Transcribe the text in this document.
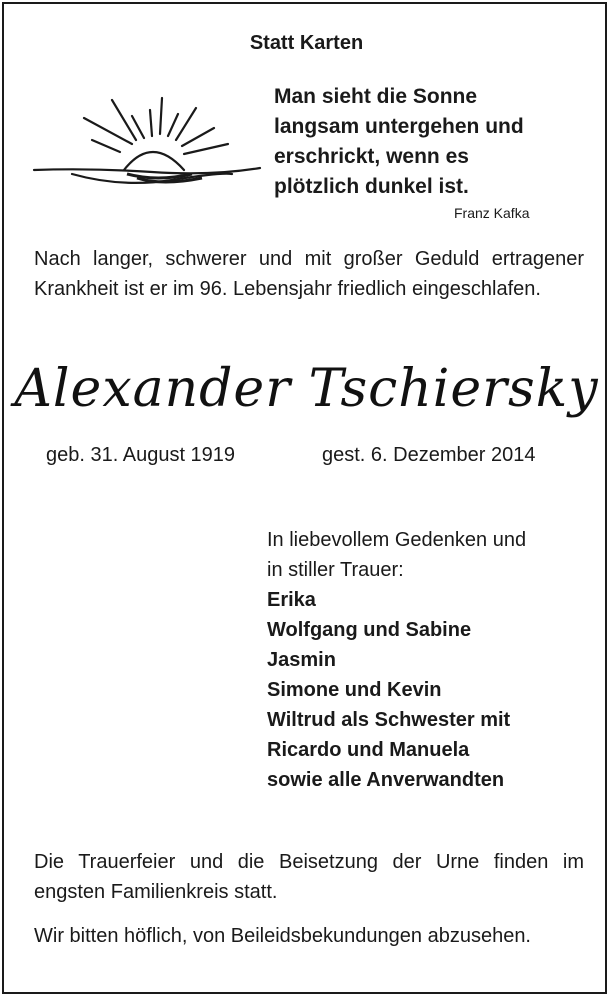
Statt Karten
Man sieht die Sonne
langsam untergehen und
erschrickt, wenn es
plötzlich dunkel ist.
Franz Kafka
Nach langer, schwerer und mit großer Geduld ertragener Krankheit ist er im 96. Lebensjahr friedlich eingeschlafen.
Alexander Tschiersky
geb. 31. August 1919	gest. 6. Dezember 2014
In liebevollem Gedenken und
in stiller Trauer:
Erika
Wolfgang und Sabine
Jasmin
Simone und Kevin
Wiltrud als Schwester mit
Ricardo und Manuela
sowie alle Anverwandten
Die Trauerfeier und die Beisetzung der Urne finden im engsten Familienkreis statt.
Wir bitten höflich, von Beileidsbekundungen abzusehen.
